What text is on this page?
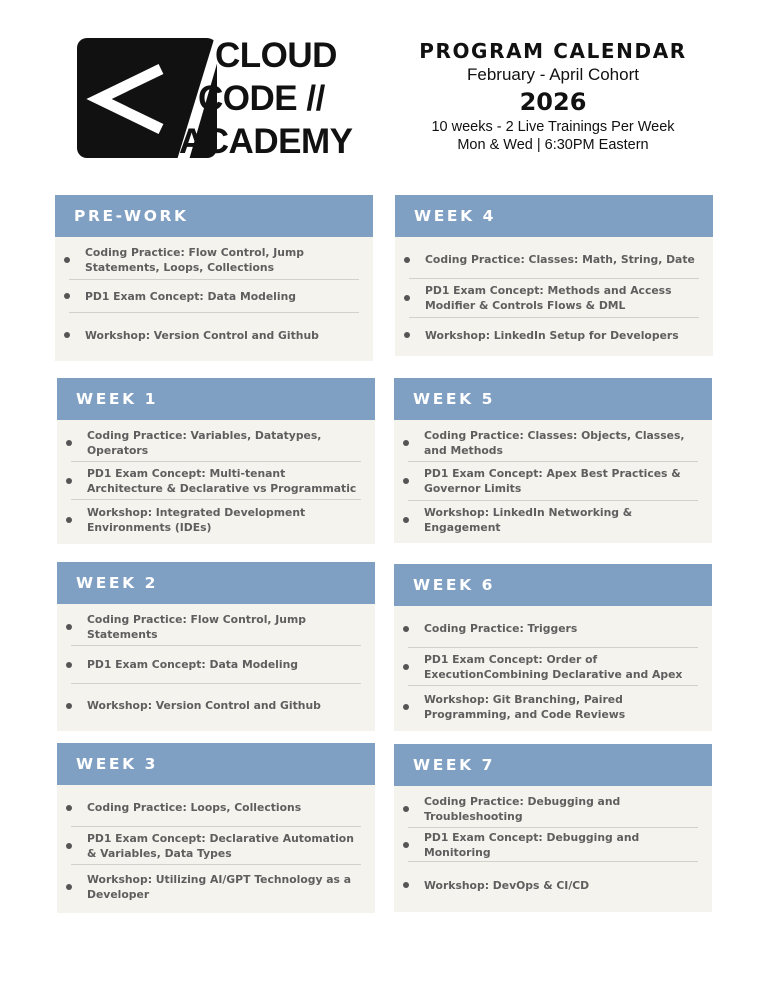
CLOUD
CODE //
ACADEMY
PROGRAM CALENDAR
February - April Cohort
2026
10 weeks - 2 Live Trainings Per Week
Mon & Wed | 6:30PM Eastern
PRE-WORK
Coding Practice: Flow Control, Jump Statements, Loops, Collections
PD1 Exam Concept: Data Modeling
Workshop: Version Control and Github
WEEK 4
Coding Practice: Classes: Math, String, Date
PD1 Exam Concept: Methods and Access Modifier & Controls Flows & DML
Workshop: LinkedIn Setup for Developers
WEEK 1
Coding Practice: Variables, Datatypes, Operators
PD1 Exam Concept: Multi-tenant Architecture & Declarative vs Programmatic
Workshop: Integrated Development Environments (IDEs)
WEEK 5
Coding Practice: Classes: Objects, Classes, and Methods
PD1 Exam Concept: Apex Best Practices & Governor Limits
Workshop: LinkedIn Networking & Engagement
WEEK 2
Coding Practice: Flow Control, Jump Statements
PD1 Exam Concept: Data Modeling
Workshop: Version Control and Github
WEEK 6
Coding Practice: Triggers
PD1 Exam Concept: Order of ExecutionCombining Declarative and Apex
Workshop: Git Branching, Paired Programming, and Code Reviews
WEEK 3
Coding Practice: Loops, Collections
PD1 Exam Concept: Declarative Automation & Variables, Data Types
Workshop: Utilizing AI/GPT Technology as a Developer
WEEK 7
Coding Practice: Debugging and Troubleshooting
PD1 Exam Concept: Debugging and Monitoring
Workshop: DevOps & CI/CD
